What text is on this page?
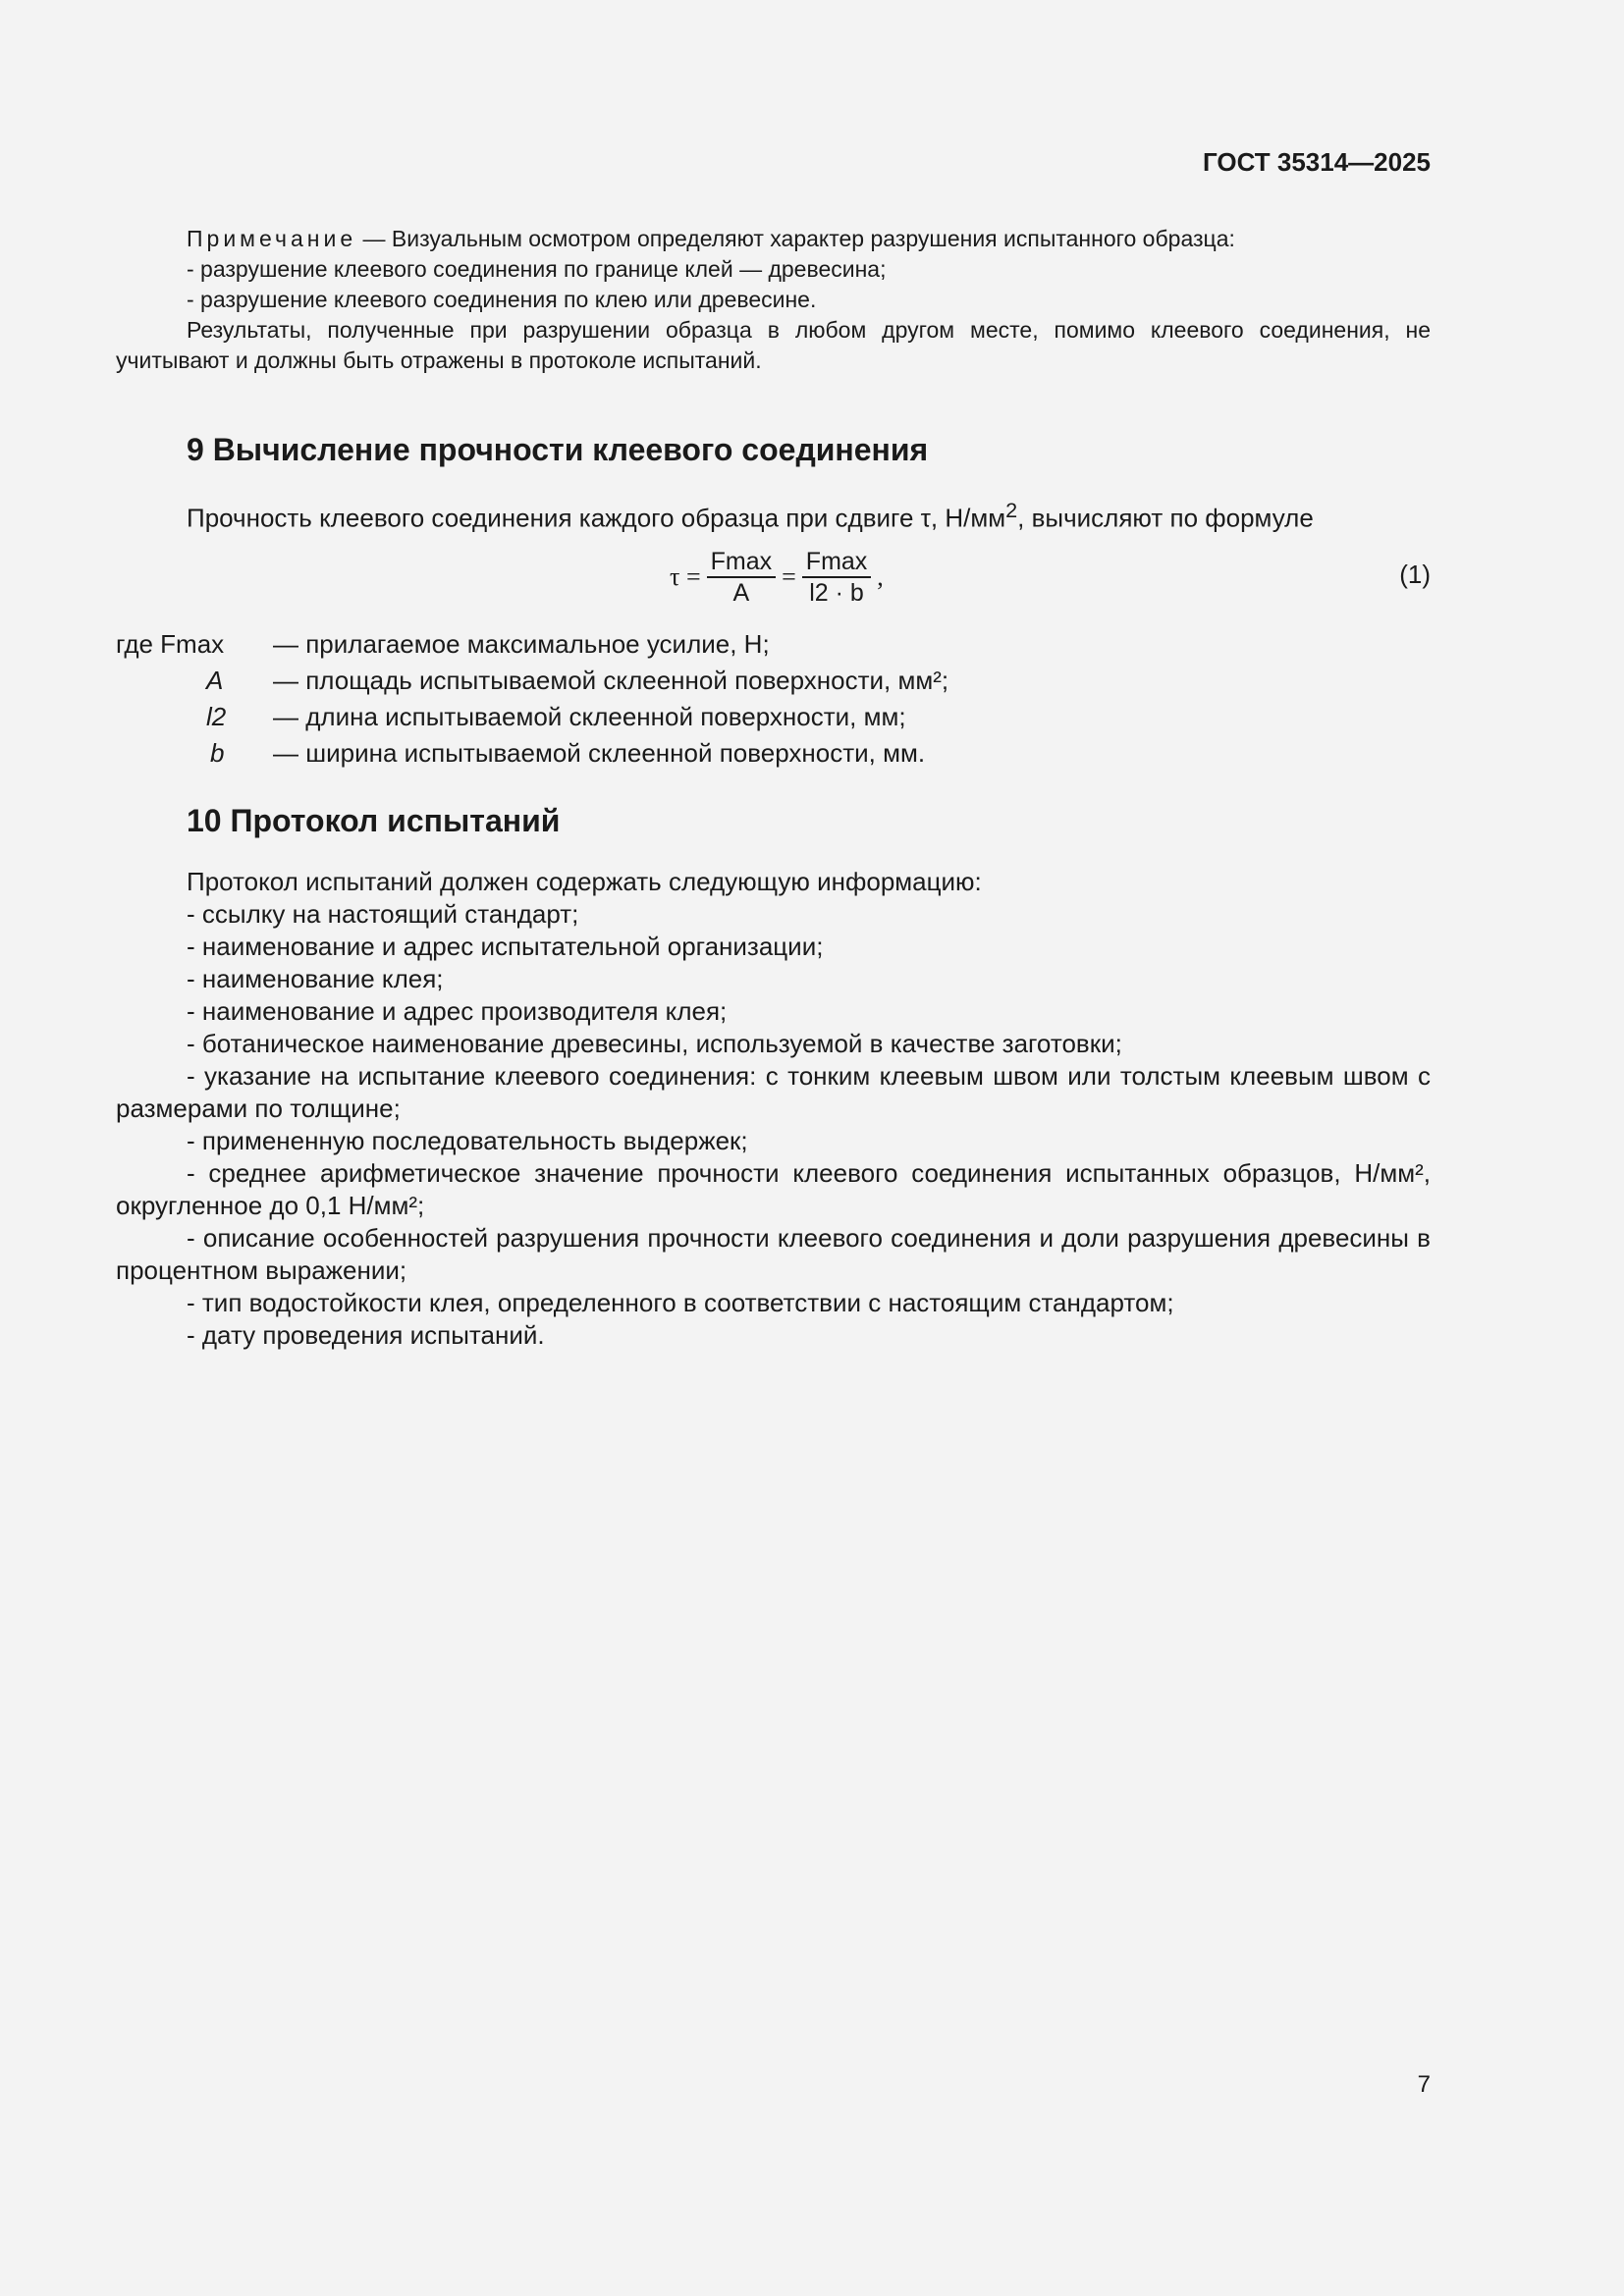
ГОСТ 35314—2025

Примечание — Визуальным осмотром определяют характер разрушения испытанного образца:

- разрушение клеевого соединения по границе клей — древесина;

- разрушение клеевого соединения по клею или древесине.

Результаты, полученные при разрушении образца в любом другом месте, помимо клеевого соединения, не учитывают и должны быть отражены в протоколе испытаний.

9 Вычисление прочности клеевого соединения

Прочность клеевого соединения каждого образца при сдвиге τ, $Н/мм^2$, вычисляют по формуле

$\tau = \frac{Fmax}{A} = \frac{Fmax}{l2 \cdot b}$ ,	(1)
где Fmax — прилагаемое максимальное усилие, Н;
A — площадь испытываемой склеенной поверхности, мм²;
l2 — длина испытываемой склеенной поверхности, мм;
b — ширина испытываемой склеенной поверхности, мм.
10 Протокол испытаний

Протокол испытаний должен содержать следующую информацию:

- ссылку на настоящий стандарт;

- наименование и адрес испытательной организации;

- наименование клея;

- наименование и адрес производителя клея;

- ботаническое наименование древесины, используемой в качестве заготовки;

- указание на испытание клеевого соединения: с тонким клеевым швом или толстым клеевым швом с размерами по толщине;

- примененную последовательность выдержек;

- среднее арифметическое значение прочности клеевого соединения испытанных образцов, Н/мм², округленное до 0,1 Н/мм²;

- описание особенностей разрушения прочности клеевого соединения и доли разрушения древесины в процентном выражении;

- тип водостойкости клея, определенного в соответствии с настоящим стандартом;

- дату проведения испытаний.

7
